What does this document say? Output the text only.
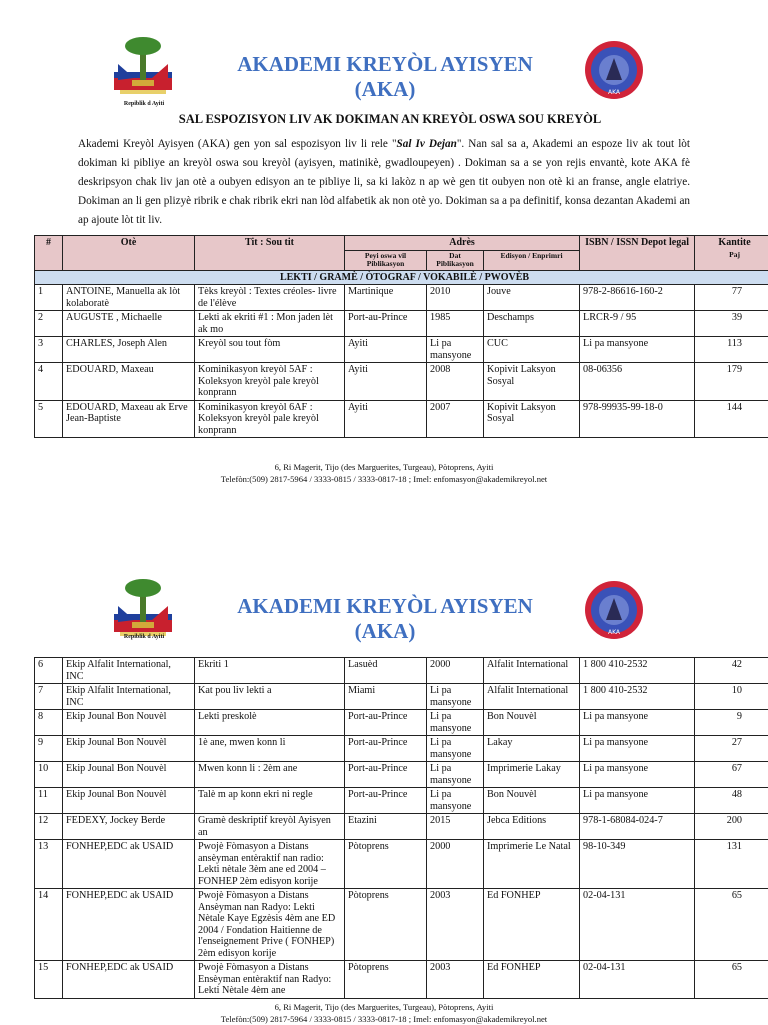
Repiblik d Ayiti
AKADEMI KREYÒL AYISYEN
(AKA)	AKA
SAL ESPOZISYON LIV AK DOKIMAN AN KREYÒL OSWA SOU KREYÒL
Akademi Kreyòl Ayisyen (AKA) gen yon sal espozisyon liv li rele "Sal Iv Dejan". Nan sal sa a, Akademi an espoze liv ak tout lòt dokiman ki pibliye an kreyòl oswa sou kreyòl (ayisyen, matinikè, gwadloupeyen) . Dokiman sa a se yon rejis envantè, kote AKA fè deskripsyon chak liv jan otè a oubyen edisyon an te pibliye li, sa ki lakòz n ap wè gen tit oubyen non otè ki an franse, angle elatriye. Dokiman an li gen plizyè ribrik e chak ribrik ekri nan lòd alfabetik ak non otè yo. Dokiman sa a pa definitif, konsa dezantan Akademi an ap ajoute lòt tit liv.
#	Otè	Tit : Sou tit	Adrès			ISBN / ISSN Depot legal	Kantite
Paj

			Peyi oswa vil Piblikasyon	Dat Piblikasyon	Edisyon / Enprimri		
LEKTI / GRAMÈ / ÒTOGRAF / VOKABILÈ / PWOVÈB							
1	ANTOINE, Manuella ak lòt kolaboratè	Tèks kreyòl : Textes créoles- livre de l'élève	Martinique	2010	Jouve	978-2-86616-160-2	77
2	AUGUSTE , Michaelle	Lekti ak ekriti #1 : Mon jaden lèt ak mo	Port-au-Prince	1985	Deschamps	LRCR-9 / 95	39
3	CHARLES, Joseph Alen	Kreyòl sou tout fòm	Ayiti	Li pa mansyone	CUC	Li pa mansyone	113
4	EDOUARD, Maxeau	Kominikasyon kreyòl 5AF : Koleksyon kreyòl pale kreyòl konprann	Ayiti	2008	Kopivit Laksyon Sosyal	08-06356	179
5	EDOUARD, Maxeau ak Erve Jean-Baptiste	Kominikasyon kreyòl 6AF : Koleksyon kreyòl pale kreyòl konprann	Ayiti	2007	Kopivit Laksyon Sosyal	978-99935-99-18-0	144
6, Ri Magerit, Tijo (des Marguerites, Turgeau), Pòtoprens, Ayiti
Telefòn:(509) 2817-5964 / 3333-0815 / 3333-0817-18 ; Imel: enfomasyon@akademikreyol.net
Repiblik d Ayiti
AKADEMI KREYÒL AYISYEN
(AKA)	AKA
6	Ekip Alfalit International, INC	Ekriti 1	Lasuèd	2000	Alfalit International	1 800 410-2532	42
7	Ekip Alfalit International, INC	Kat pou liv lekti a	Miami	Li pa mansyone	Alfalit International	1 800 410-2532	10
8	Ekip Jounal Bon Nouvèl	Lekti preskolè	Port-au-Prince	Li pa mansyone	Bon Nouvèl	Li pa mansyone	9
9	Ekip Jounal Bon Nouvèl	1è ane, mwen konn li	Port-au-Prince	Li pa mansyone	Lakay	Li pa mansyone	27
10	Ekip Jounal Bon Nouvèl	Mwen konn li : 2èm ane	Port-au-Prince	Li pa mansyone	Imprimerie Lakay	Li pa mansyone	67
11	Ekip Jounal Bon Nouvèl	Talè m ap konn ekri ni regle	Port-au-Prince	Li pa mansyone	Bon Nouvèl	Li pa mansyone	48
12	FEDEXY, Jockey Berde	Gramè deskriptif kreyòl Ayisyen an	Etazini	2015	Jebca Editions	978-1-68084-024-7	200
13	FONHEP,EDC ak USAID	Pwojè Fòmasyon a Distans ansèyman entèraktif nan radio: Lekti nètale 3èm ane ed 2004 – FONHEP 2èm edisyon korije	Pòtoprens	2000	Imprimerie Le Natal	98-10-349	131
14	FONHEP,EDC ak USAID	Pwojè Fòmasyon a Distans Ansèyman nan Radyo: Lekti Nètale Kaye Egzèsis 4èm ane ED 2004 / Fondation Haitienne de l'enseignement Prive ( FONHEP) 2èm edisyon korije	Pòtoprens	2003	Ed FONHEP	02-04-131	65
15	FONHEP,EDC ak USAID	Pwojè Fòmasyon a Distans Ensèyman entèraktif nan Radyo: Lekti Nètale 4èm ane	Pòtoprens	2003	Ed FONHEP	02-04-131	65
6, Ri Magerit, Tijo (des Marguerites, Turgeau), Pòtoprens, Ayiti
Telefòn:(509) 2817-5964 / 3333-0815 / 3333-0817-18 ; Imel: enfomasyon@akademikreyol.net
